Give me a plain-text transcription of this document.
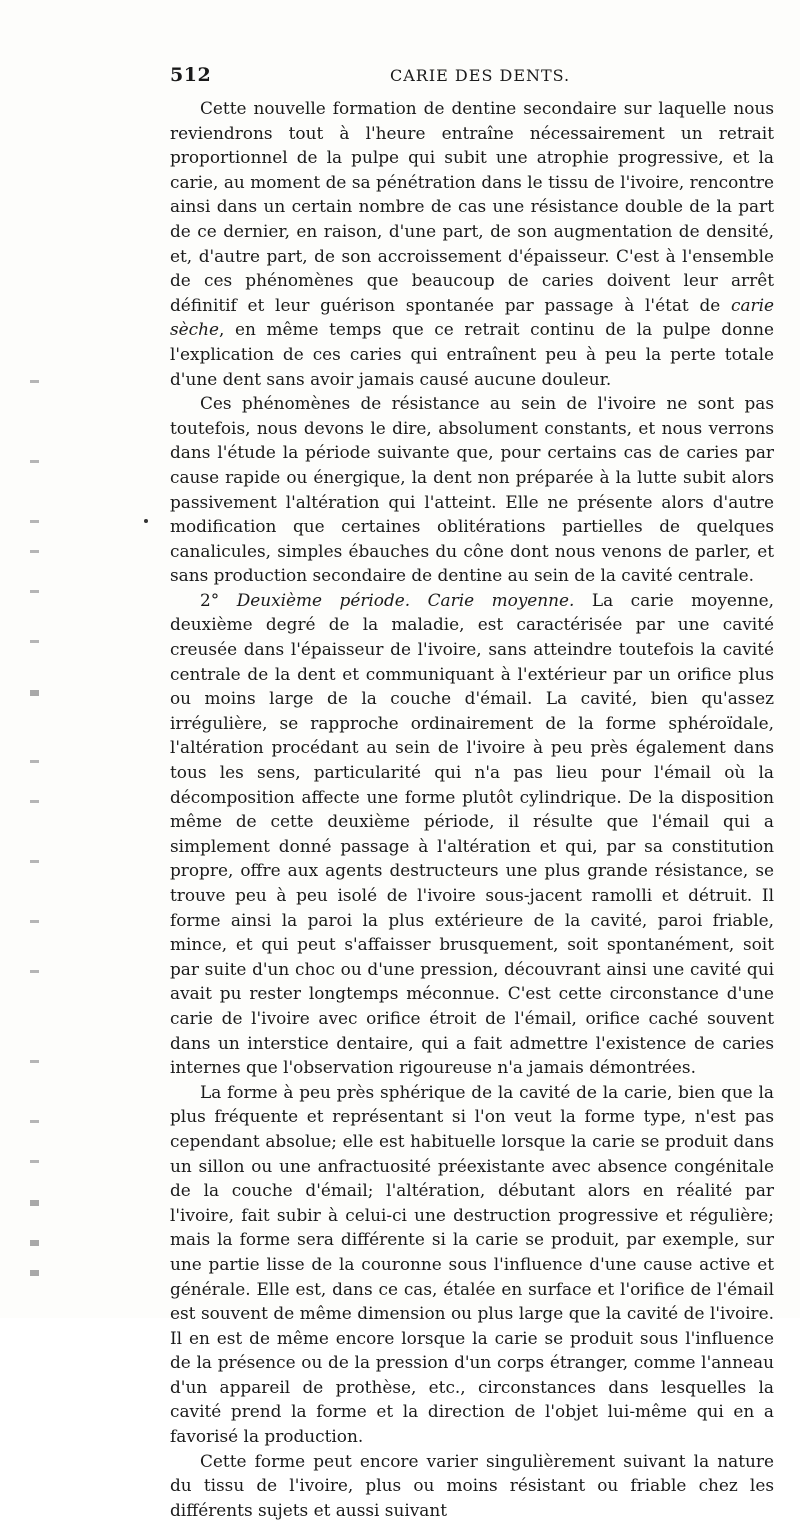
512	CARIE DES DENTS.

Cette nouvelle formation de dentine secondaire sur laquelle nous reviendrons tout à l'heure entraîne nécessairement un retrait proportionnel de la pulpe qui subit une atrophie progressive, et la carie, au moment de sa pénétration dans le tissu de l'ivoire, rencontre ainsi dans un certain nombre de cas une résistance double de la part de ce dernier, en raison, d'une part, de son augmentation de densité, et, d'autre part, de son accroissement d'épaisseur. C'est à l'ensemble de ces phénomènes que beaucoup de caries doivent leur arrêt définitif et leur guérison spontanée par passage à l'état de carie sèche, en même temps que ce retrait continu de la pulpe donne l'explication de ces caries qui entraînent peu à peu la perte totale d'une dent sans avoir jamais causé aucune douleur.

Ces phénomènes de résistance au sein de l'ivoire ne sont pas toutefois, nous devons le dire, absolument constants, et nous verrons dans l'étude la période suivante que, pour certains cas de caries par cause rapide ou énergique, la dent non préparée à la lutte subit alors passivement l'altération qui l'atteint. Elle ne présente alors d'autre modification que certaines oblitérations partielles de quelques canalicules, simples ébauches du cône dont nous venons de parler, et sans production secondaire de dentine au sein de la cavité centrale.

2° Deuxième période. Carie moyenne. La carie moyenne, deuxième degré de la maladie, est caractérisée par une cavité creusée dans l'épaisseur de l'ivoire, sans atteindre toutefois la cavité centrale de la dent et communiquant à l'extérieur par un orifice plus ou moins large de la couche d'émail. La cavité, bien qu'assez irrégulière, se rapproche ordinairement de la forme sphéroïdale, l'altération procédant au sein de l'ivoire à peu près également dans tous les sens, particularité qui n'a pas lieu pour l'émail où la décomposition affecte une forme plutôt cylindrique. De la disposition même de cette deuxième période, il résulte que l'émail qui a simplement donné passage à l'altération et qui, par sa constitution propre, offre aux agents destructeurs une plus grande résistance, se trouve peu à peu isolé de l'ivoire sous-jacent ramolli et détruit. Il forme ainsi la paroi la plus extérieure de la cavité, paroi friable, mince, et qui peut s'affaisser brusquement, soit spontanément, soit par suite d'un choc ou d'une pression, découvrant ainsi une cavité qui avait pu rester longtemps méconnue. C'est cette circonstance d'une carie de l'ivoire avec orifice étroit de l'émail, orifice caché souvent dans un interstice dentaire, qui a fait admettre l'existence de caries internes que l'observation rigoureuse n'a jamais démontrées.

La forme à peu près sphérique de la cavité de la carie, bien que la plus fréquente et représentant si l'on veut la forme type, n'est pas cependant absolue; elle est habituelle lorsque la carie se produit dans un sillon ou une anfractuosité préexistante avec absence congénitale de la couche d'émail; l'altération, débutant alors en réalité par l'ivoire, fait subir à celui-ci une destruction progressive et régulière; mais la forme sera différente si la carie se produit, par exemple, sur une partie lisse de la couronne sous l'influence d'une cause active et générale. Elle est, dans ce cas, étalée en surface et l'orifice de l'émail est souvent de même dimension ou plus large que la cavité de l'ivoire. Il en est de même encore lorsque la carie se produit sous l'influence de la présence ou de la pression d'un corps étranger, comme l'anneau d'un appareil de prothèse, etc., circonstances dans lesquelles la cavité prend la forme et la direction de l'objet lui-même qui en a favorisé la production.

Cette forme peut encore varier singulièrement suivant la nature du tissu de l'ivoire, plus ou moins résistant ou friable chez les différents sujets et aussi suivant
